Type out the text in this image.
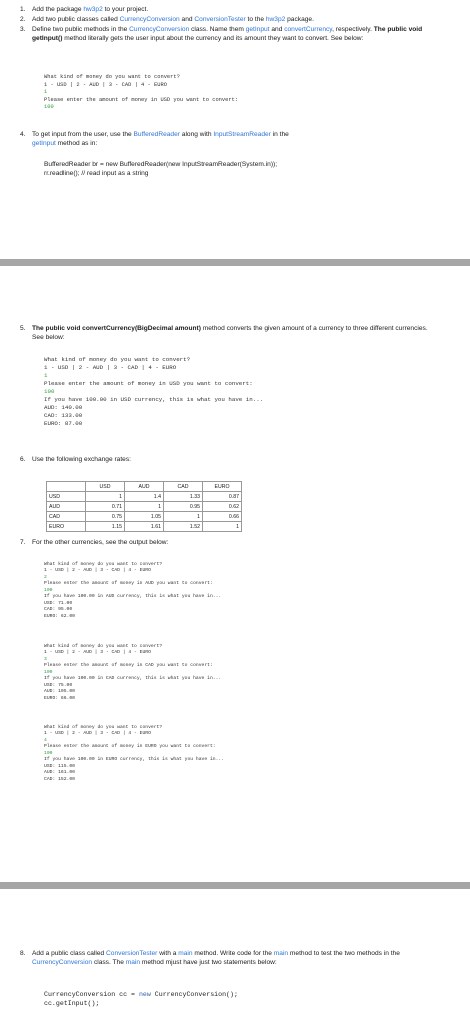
1. Add the package hw3p2 to your project.
2. Add two public classes called CurrencyConversion and ConversionTester to the hw3p2 package.
3. Define two public methods in the CurrencyConversion class. Name them getInput and convertCurrency, respectively. The public void getInput() method literally gets the user input about the currency and its amount they want to convert. See below:

What kind of money do you want to convert?
1 - USD | 2 - AUD | 3 - CAD | 4 - EURO
1
Please enter the amount of money in USD you want to convert:
100
4. To get input from the user, use the BufferedReader along with InputStreamReader in the
getInput method as in:
BufferedReader br = new BufferedReader(new InputStreamReader(System.in));
rr.readline(); // read input as a string
5. The public void convertCurrency(BigDecimal amount) method converts the given amount of a currency to three different currencies. See below:

What kind of money do you want to convert?
1 - USD | 2 - AUD | 3 - CAD | 4 - EURO
1
Please enter the amount of money in USD you want to convert:
100
If you have 100.00 in USD currency, this is what you have in...
AUD: 140.00
CAD: 133.00
EURO: 87.00
6. Use the following exchange rates:
	USD	AUD	CAD	EURO
USD	1	1.4	1.33	0.87
AUD	0.71	1	0.95	0.62
CAD	0.75	1.05	1	0.66
EURO	1.15	1.61	1.52	1
7. For the other currencies, see the output below:

What kind of money do you want to convert?
1 - USD | 2 - AUD | 3 - CAD | 4 - EURO
2
Please enter the amount of money in AUD you want to convert:
100
If you have 100.00 in AUD currency, this is what you have in...
USD: 71.00
CAD: 95.00
EURO: 62.00

What kind of money do you want to convert?
1 - USD | 2 - AUD | 3 - CAD | 4 - EURO
3
Please enter the amount of money in CAD you want to convert:
100
If you have 100.00 in CAD currency, this is what you have in...
USD: 75.00
AUD: 105.00
EURO: 66.00

What kind of money do you want to convert?
1 - USD | 2 - AUD | 3 - CAD | 4 - EURO
4
Please enter the amount of money in EURO you want to convert:
100
If you have 100.00 in EURO currency, this is what you have in...
USD: 115.00
AUD: 161.00
CAD: 152.00
8. Add a public class called ConversionTester with a main method. Write code for the main method to test the two methods in the CurrencyConversion class. The main method mjust have just two statements below:
CurrencyConversion cc = new CurrencyConversion();
cc.getInput();
